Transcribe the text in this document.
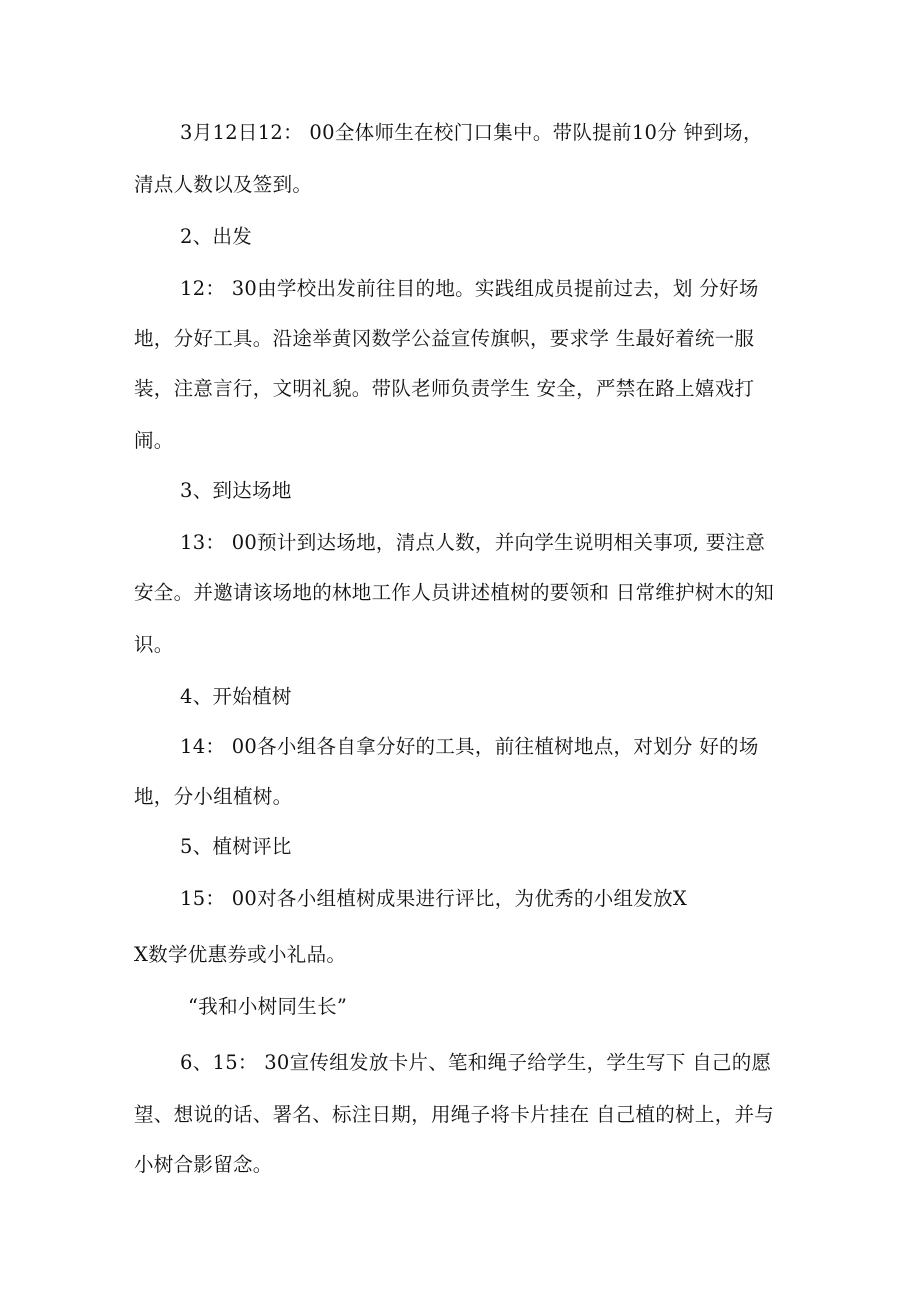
3月12日12： 00全体师生在校门口集中。带队提前10分 钟到场，
清点人数以及签到。
2、出发
12： 30由学校出发前往目的地。实践组成员提前过去，划 分好场
地，分好工具。沿途举黄冈数学公益宣传旗帜，要求学 生最好着统一服
装，注意言行，文明礼貌。带队老师负责学生 安全，严禁在路上嬉戏打
闹。
3、到达场地
13： 00预计到达场地，清点人数，并向学生说明相关事项, 要注意
安全。并邀请该场地的林地工作人员讲述植树的要领和 日常维护树木的知
识。
4、开始植树
14： 00各小组各自拿分好的工具，前往植树地点，对划分 好的场
地，分小组植树。
5、植树评比
15： 00对各小组植树成果进行评比，为优秀的小组发放X
X数学优惠券或小礼品。
“我和小树同生长”
6、15： 30宣传组发放卡片、笔和绳子给学生，学生写下 自己的愿
望、想说的话、署名、标注日期，用绳子将卡片挂在 自己植的树上，并与
小树合影留念。
